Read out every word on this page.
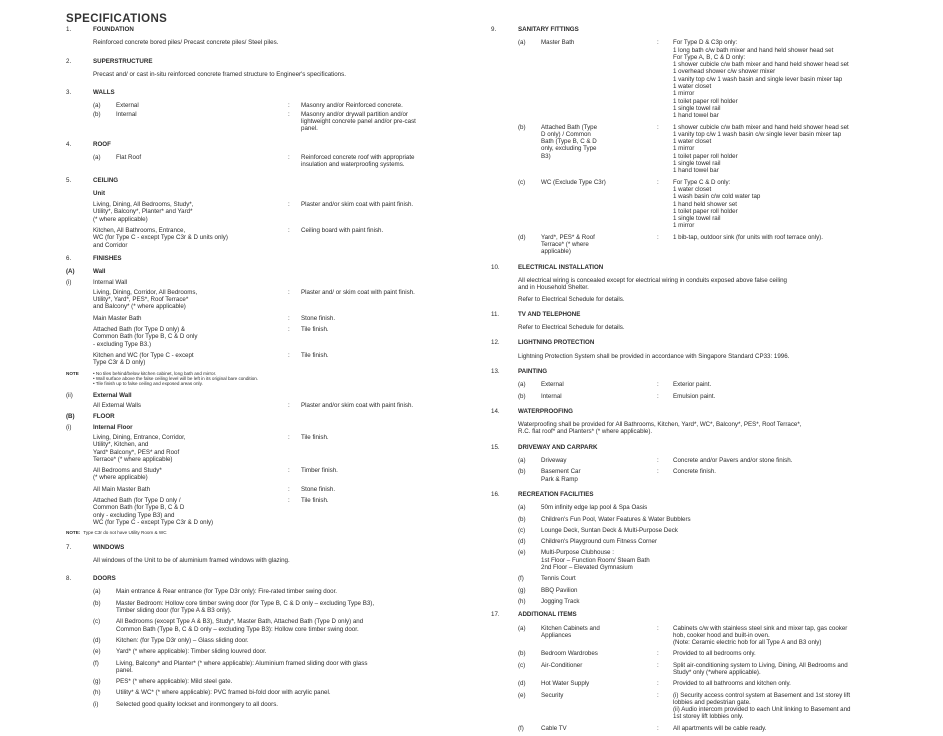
SPECIFICATIONS
1.	FOUNDATION
Reinforced concrete bored piles/ Precast concrete piles/ Steel piles.
2.	SUPERSTRUCTURE
Precast and/ or cast in-situ reinforced concrete framed structure to Engineer's specifications.
3.	WALLS
(a)	External	:	Masonry and/or Reinforced concrete.
(b)	Internal	:	Masonry and/or drywall partition and/or
lightweight concrete panel and/or pre-cast
panel.
4.	ROOF
(a)	Flat Roof	:	Reinforced concrete roof with appropriate
insulation and waterproofing systems.
5.	CEILING
Unit
Living, Dining, All Bedrooms, Study*,
Utility*, Balcony*, Planter* and Yard*
(* where applicable)
:	Plaster and/or skim coat with paint finish.
Kitchen, All Bathrooms, Entrance,
WC (for Type C - except Type C3r & D units only)
and Corridor
:	Ceiling board with paint finish.
6.	FINISHES
(A)	Wall
(i)	Internal Wall
Living, Dining, Corridor, All Bedrooms,
Utility*, Yard*, PES*, Roof Terrace*
and Balcony* (* where applicable)
:	Plaster and/ or skim coat with paint finish.
Main Master Bath	:	Stone finish.
Attached Bath (for Type D only) &
Common Bath (for Type B, C & D only
- excluding Type B3.)
:	Tile finish.
Kitchen and WC (for Type C - except
Type C3r & D only)
:	Tile finish.
NOTE	• No tiles behind/below kitchen cabinet, long bath and mirror.
• Wall surface above the false ceiling level will be left in its original bare condition.
• Tile finish up to false ceiling and exposed areas only.
(ii)	External Wall
All External Walls	:	Plaster and/or skim coat with paint finish.
(B)	FLOOR
(i)	Internal Floor
Living, Dining, Entrance, Corridor,
Utility*, Kitchen, and
Yard* Balcony*, PES* and Roof
Terrace* (* where applicable)
:	Tile finish.
All Bedrooms and Study*
(* where applicable)
:	Timber finish.
All Main Master Bath	:	Stone finish.
Attached Bath (for Type D only /
Common Bath (for Type B, C & D
only - excluding Type B3) and
WC (for Type C - except Type C3r & D only)
:	Tile finish.
NOTE: Type C3r do not have Utility Room & WC
7.	WINDOWS
All windows of the Unit to be of aluminium framed windows with glazing.
8.	DOORS
(a)	Main entrance & Rear entrance (for Type D3r only): Fire-rated timber swing door.
(b)	Master Bedroom: Hollow core timber swing door (for Type B, C & D only – excluding Type B3),
Timber sliding door (for Type A & B3 only).
(c)	All Bedrooms (except Type A & B3), Study*, Master Bath, Attached Bath (Type D only) and
Common Bath (Type B, C & D only – excluding Type B3): Hollow core timber swing door.
(d)	Kitchen: (for Type D3r only) – Glass sliding door.
(e)	Yard* (* where applicable): Timber sliding louvred door.
(f)	Living, Balcony* and Planter* (* where applicable): Aluminium framed sliding door with glass
panel.
(g)	PES* (* where applicable): Mild steel gate.
(h)	Utility* & WC* (* where applicable): PVC framed bi-fold door with acrylic panel.
(i)	Selected good quality lockset and ironmongery to all doors.
9.	SANITARY FITTINGS
(a)	Master Bath	:	For Type D & C3p only:
1 long bath c/w bath mixer and hand held shower head set
For Type A, B, C & D only:
1 shower cubicle c/w bath mixer and hand held shower head set
1 overhead shower c/w shower mixer
1 vanity top c/w 1 wash basin and single lever basin mixer tap
1 water closet
1 mirror
1 toilet paper roll holder
1 single towel rail
1 hand towel bar
(b)	Attached Bath (Type
D only) / Common
Bath (Type B, C & D
only, excluding Type
B3)
:	1 shower cubicle c/w bath mixer and hand held shower head set
1 vanity top c/w 1 wash basin c/w single lever basin mixer tap
1 water closet
1 mirror
1 toilet paper roll holder
1 single towel rail
1 hand towel bar
(c)	WC (Exclude Type C3r)	:	For Type C & D only:
1 water closet
1 wash basin c/w cold water tap
1 hand held shower set
1 toilet paper roll holder
1 single towel rail
1 mirror
(d)	Yard*, PES* & Roof
Terrace* (* where
applicable)
:	1 bib-tap, outdoor sink (for units with roof terrace only).
10.	ELECTRICAL INSTALLATION
All electrical wiring is concealed except for electrical wiring in conduits exposed above false ceiling
and in Household Shelter.
Refer to Electrical Schedule for details.
11.	TV AND TELEPHONE
Refer to Electrical Schedule for details.
12.	LIGHTNING PROTECTION
Lightning Protection System shall be provided in accordance with Singapore Standard CP33: 1996.
13.	PAINTING
(a)	External	:	Exterior paint.
(b)	Internal	:	Emulsion paint.
14.	WATERPROOFING
Waterproofing shall be provided for All Bathrooms, Kitchen, Yard*, WC*, Balcony*, PES*, Roof Terrace*,
R.C. flat roof* and Planters* (* where applicable).
15.	DRIVEWAY AND CARPARK
(a)	Driveway	:	Concrete and/or Pavers and/or stone finish.
(b)	Basement Car
Park & Ramp
:	Concrete finish.
16.	RECREATION FACILITIES
(a)	50m infinity edge lap pool & Spa Oasis
(b)	Children's Fun Pool, Water Features & Water Bubblers
(c)	Lounge Deck, Suntan Deck & Multi-Purpose Deck
(d)	Children's Playground cum Fitness Corner
(e)	Multi-Purpose Clubhouse :
1st Floor – Function Room/ Steam Bath
2nd Floor – Elevated Gymnasium
(f)	Tennis Court
(g)	BBQ Pavilion
(h)	Jogging Track
17.	ADDITIONAL ITEMS
(a)	Kitchen Cabinets and
Appliances
:	Cabinets c/w with stainless steel sink and mixer tap, gas cooker
hob, cooker hood and built-in oven.
(Note: Ceramic electric hob for all Type A and B3 only)
(b)	Bedroom Wardrobes	:	Provided to all bedrooms only.
(c)	Air-Conditioner	:	Split air-conditioning system to Living, Dining, All Bedrooms and
Study* only (*where applicable).
(d)	Hot Water Supply	:	Provided to all bathrooms and kitchen only.
(e)	Security	:	(i) Security access control system at Basement and 1st storey lift
lobbies and pedestrian gate.
(ii) Audio intercom provided to each Unit linking to Basement and
1st storey lift lobbies only.
(f)	Cable TV	:	All apartments will be cable ready.
